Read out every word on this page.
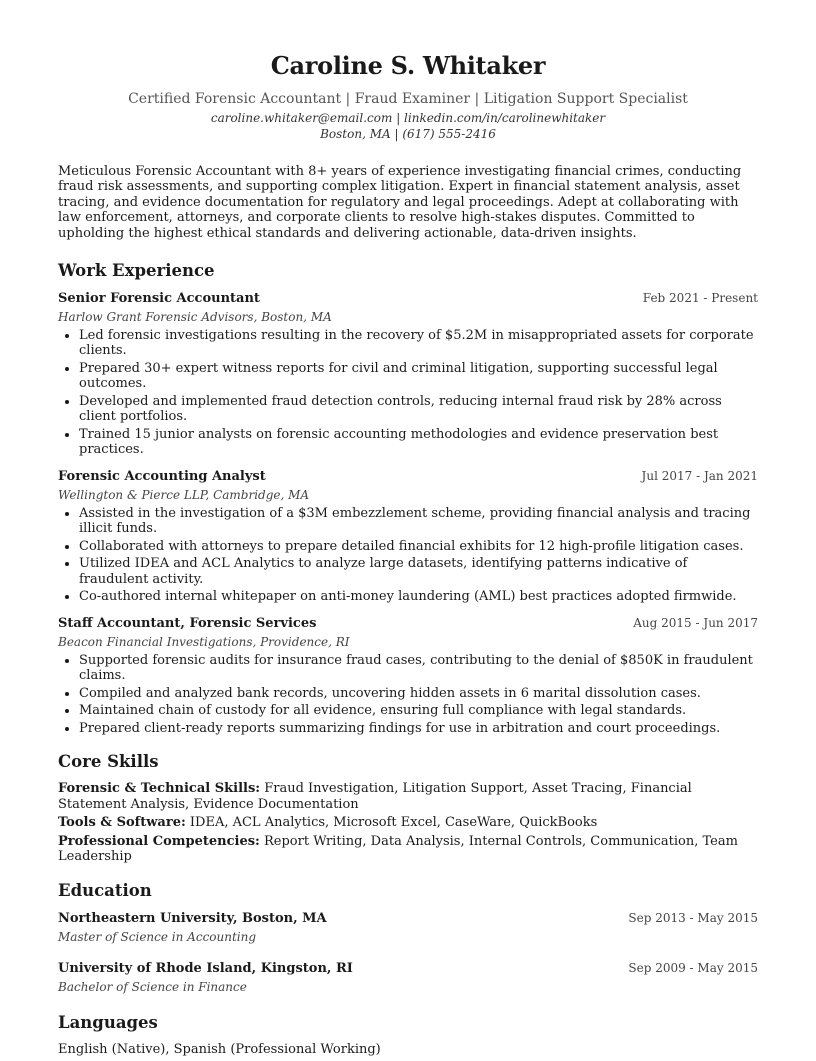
Caroline S. Whitaker
Certified Forensic Accountant | Fraud Examiner | Litigation Support Specialist
caroline.whitaker@email.com | linkedin.com/in/carolinewhitaker
Boston, MA | (617) 555-2416

Meticulous Forensic Accountant with 8+ years of experience investigating financial crimes, conducting fraud risk assessments, and supporting complex litigation. Expert in financial statement analysis, asset tracing, and evidence documentation for regulatory and legal proceedings. Adept at collaborating with law enforcement, attorneys, and corporate clients to resolve high-stakes disputes. Committed to upholding the highest ethical standards and delivering actionable, data-driven insights.

Work Experience
Senior Forensic Accountant	Feb 2021 - Present
Harlow Grant Forensic Advisors, Boston, MA
• Led forensic investigations resulting in the recovery of $5.2M in misappropriated assets for corporate clients.
• Prepared 30+ expert witness reports for civil and criminal litigation, supporting successful legal outcomes.
• Developed and implemented fraud detection controls, reducing internal fraud risk by 28% across client portfolios.
• Trained 15 junior analysts on forensic accounting methodologies and evidence preservation best practices.
Forensic Accounting Analyst	Jul 2017 - Jan 2021
Wellington & Pierce LLP, Cambridge, MA
• Assisted in the investigation of a $3M embezzlement scheme, providing financial analysis and tracing illicit funds.
• Collaborated with attorneys to prepare detailed financial exhibits for 12 high-profile litigation cases.
• Utilized IDEA and ACL Analytics to analyze large datasets, identifying patterns indicative of fraudulent activity.
• Co-authored internal whitepaper on anti-money laundering (AML) best practices adopted firmwide.
Staff Accountant, Forensic Services	Aug 2015 - Jun 2017
Beacon Financial Investigations, Providence, RI
• Supported forensic audits for insurance fraud cases, contributing to the denial of $850K in fraudulent claims.
• Compiled and analyzed bank records, uncovering hidden assets in 6 marital dissolution cases.
• Maintained chain of custody for all evidence, ensuring full compliance with legal standards.
• Prepared client-ready reports summarizing findings for use in arbitration and court proceedings.
Core Skills
Forensic & Technical Skills: Fraud Investigation, Litigation Support, Asset Tracing, Financial Statement Analysis, Evidence Documentation
Tools & Software: IDEA, ACL Analytics, Microsoft Excel, CaseWare, QuickBooks
Professional Competencies: Report Writing, Data Analysis, Internal Controls, Communication, Team Leadership
Education
Northeastern University, Boston, MA	Sep 2013 - May 2015
Master of Science in Accounting
University of Rhode Island, Kingston, RI	Sep 2009 - May 2015
Bachelor of Science in Finance
Languages
English (Native), Spanish (Professional Working)
